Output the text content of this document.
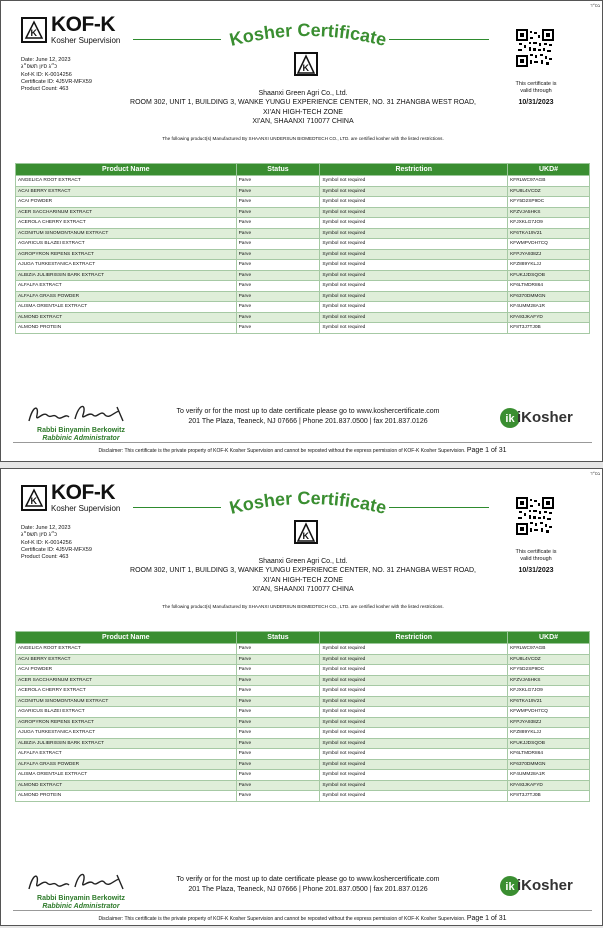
בס״ד
K KOF-K
Kosher Supervision
Date: June 12, 2023
כ״ג סיון תשפ״ג
Kof-K ID: K-0014256
Certificate ID: 4J5VR-MFX59
Product Count: 463
Kosher Certificate
K
Shaanxi Green Agri Co., Ltd.
ROOM 302, UNIT 1, BUILDING 3, WANKE YUNGU EXPERIENCE CENTER, NO. 31 ZHANGBA WEST ROAD,
XI'AN HIGH-TECH ZONE
XI'AN, SHAANXI 710077 CHINA
This certificate is
valid through
10/31/2023
The following product(s) Manufactured By SHAANXI UNDERSUN BIOMEDTECH CO., LTD. are certified kosher with the listed restrictions.
Product Name	Status	Restriction	UKD#
ANGELICA ROOT EXTRACT	Parve	Symbol not required	KFRLWC97AGB
ACAI BERRY EXTRACT	Parve	Symbol not required	KFU8L4VCDZ
ACAI POWDER	Parve	Symbol not required	KFY5D2SP9DC
ACER SACCHARINUM EXTRACT	Parve	Symbol not required	KFZVJA5HKS
ACEROLA CHERRY EXTRACT	Parve	Symbol not required	KFJXKLG7JO9
ACONITUM SINOMONTANUM EXTRACT	Parve	Symbol not required	KF6TKA19V21
AGARICUS BLAZEI EXTRACT	Parve	Symbol not required	KFWMPVDH7CQ
AGROPYRON REPENS EXTRACT	Parve	Symbol not required	KFPJYA938ZJ
AJUGA TURKESTANICA EXTRACT	Parve	Symbol not required	KFZ889YKLJJ
ALBIZIA JULIBRISSIN BARK EXTRACT	Parve	Symbol not required	KFUKJJDSQOB
ALFALFA EXTRACT	Parve	Symbol not required	KF6LTMDR864
ALFALFA GRASS POWDER	Parve	Symbol not required	KF6370DMMGN
ALISMA ORIENTALE EXTRACT	Parve	Symbol not required	KF4UMM28A1R
ALMOND EXTRACT	Parve	Symbol not required	KFA93JKAFYD
ALMOND PROTEIN	Parve	Symbol not required	KF8T3J7TJ0B
Rabbi Binyamin Berkowitz
Rabbinic Administrator
To verify or for the most up to date certificate please go to www.koshercertificate.com
201 The Plaza, Teaneck, NJ 07666 | Phone 201.837.0500 | fax 201.837.0126	ik iKosher
Disclaimer: This certificate is the private property of KOF-K Kosher Supervision and cannot be reposted without the express permission of KOF-K Kosher Supervision. Page 1 of 31
בס״ד
K KOF-K
Kosher Supervision
Date: June 12, 2023
כ״ג סיון תשפ״ג
Kof-K ID: K-0014256
Certificate ID: 4J5VR-MFX59
Product Count: 463
Kosher Certificate
K
Shaanxi Green Agri Co., Ltd.
ROOM 302, UNIT 1, BUILDING 3, WANKE YUNGU EXPERIENCE CENTER, NO. 31 ZHANGBA WEST ROAD,
XI'AN HIGH-TECH ZONE
XI'AN, SHAANXI 710077 CHINA
This certificate is
valid through
10/31/2023
The following product(s) Manufactured By SHAANXI UNDERSUN BIOMEDTECH CO., LTD. are certified kosher with the listed restrictions.
Product Name	Status	Restriction	UKD#
ANGELICA ROOT EXTRACT	Parve	Symbol not required	KFRLWC97AGB
ACAI BERRY EXTRACT	Parve	Symbol not required	KFU8L4VCDZ
ACAI POWDER	Parve	Symbol not required	KFY5D2SP9DC
ACER SACCHARINUM EXTRACT	Parve	Symbol not required	KFZVJA5HKS
ACEROLA CHERRY EXTRACT	Parve	Symbol not required	KFJXKLG7JO9
ACONITUM SINOMONTANUM EXTRACT	Parve	Symbol not required	KF6TKA19V21
AGARICUS BLAZEI EXTRACT	Parve	Symbol not required	KFWMPVDH7CQ
AGROPYRON REPENS EXTRACT	Parve	Symbol not required	KFPJYA938ZJ
AJUGA TURKESTANICA EXTRACT	Parve	Symbol not required	KFZ889YKLJJ
ALBIZIA JULIBRISSIN BARK EXTRACT	Parve	Symbol not required	KFUKJJDSQOB
ALFALFA EXTRACT	Parve	Symbol not required	KF6LTMDR864
ALFALFA GRASS POWDER	Parve	Symbol not required	KF6370DMMGN
ALISMA ORIENTALE EXTRACT	Parve	Symbol not required	KF4UMM28A1R
ALMOND EXTRACT	Parve	Symbol not required	KFA93JKAFYD
ALMOND PROTEIN	Parve	Symbol not required	KF8T3J7TJ0B
Rabbi Binyamin Berkowitz
Rabbinic Administrator
To verify or for the most up to date certificate please go to www.koshercertificate.com
201 The Plaza, Teaneck, NJ 07666 | Phone 201.837.0500 | fax 201.837.0126	ik iKosher
Disclaimer: This certificate is the private property of KOF-K Kosher Supervision and cannot be reposted without the express permission of KOF-K Kosher Supervision. Page 1 of 31
